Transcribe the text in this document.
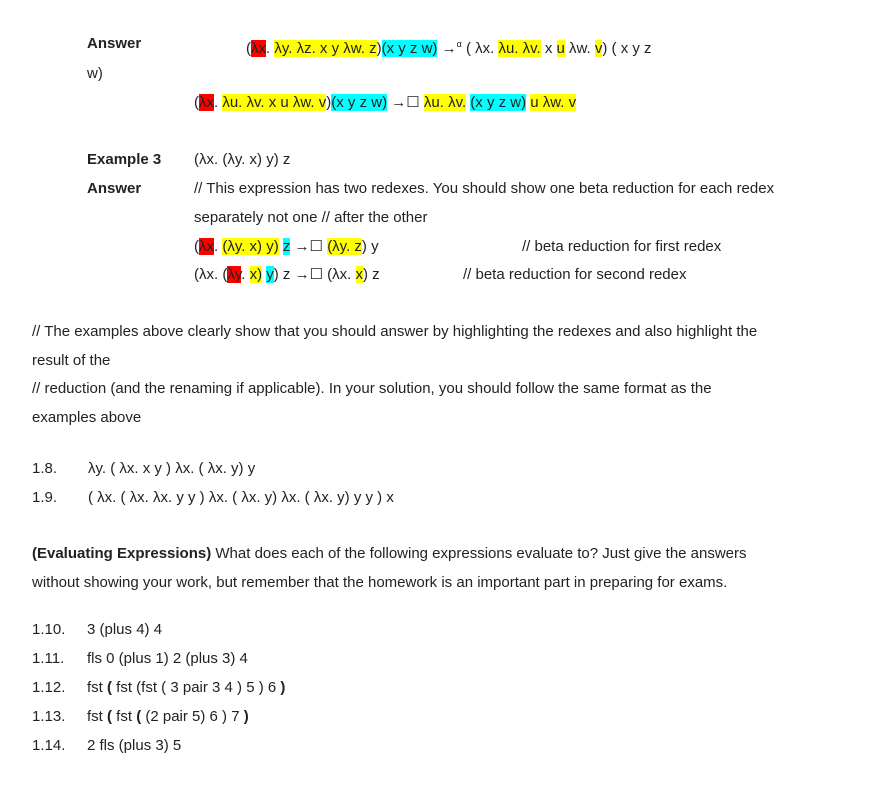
Answer	(λx. λy. λz. x y λw. z)(x y z w) →$^\alpha$ ( λx. λu. λv. x u λw. v) ( x y z
w)
(λx. λu. λv. x u λw. v)(x y z w) →☐ λu. λv. (x y z w) u λw. v
Example 3 (λx. (λy. x) y) z
Answer	// This expression has two redexes. You should show one beta reduction for each redex
separately not one // after the other
(λx. (λy. x) y) z →☐ (λy. z) y	// beta reduction for first redex
(λx. (λy. x) y) z →☐ (λx. x) z	// beta reduction for second redex
// The examples above clearly show that you should answer by highlighting the redexes and also highlight the
result of the
// reduction (and the renaming if applicable). In your solution, you should follow the same format as the
examples above
1.8. λy. ( λx. x y ) λx. ( λx. y) y
1.9. ( λx. ( λx. λx. y y ) λx. ( λx. y) λx. ( λx. y) y y ) x
(Evaluating Expressions) What does each of the following expressions evaluate to? Just give the answers
without showing your work, but remember that the homework is an important part in preparing for exams.
1.10. 3 (plus 4) 4
1.11. fls 0 (plus 1) 2 (plus 3) 4
1.12. fst ( fst (fst ( 3 pair 3 4 ) 5 ) 6 )
1.13. fst ( fst ( (2 pair 5) 6 ) 7 )
1.14. 2 fls (plus 3) 5
